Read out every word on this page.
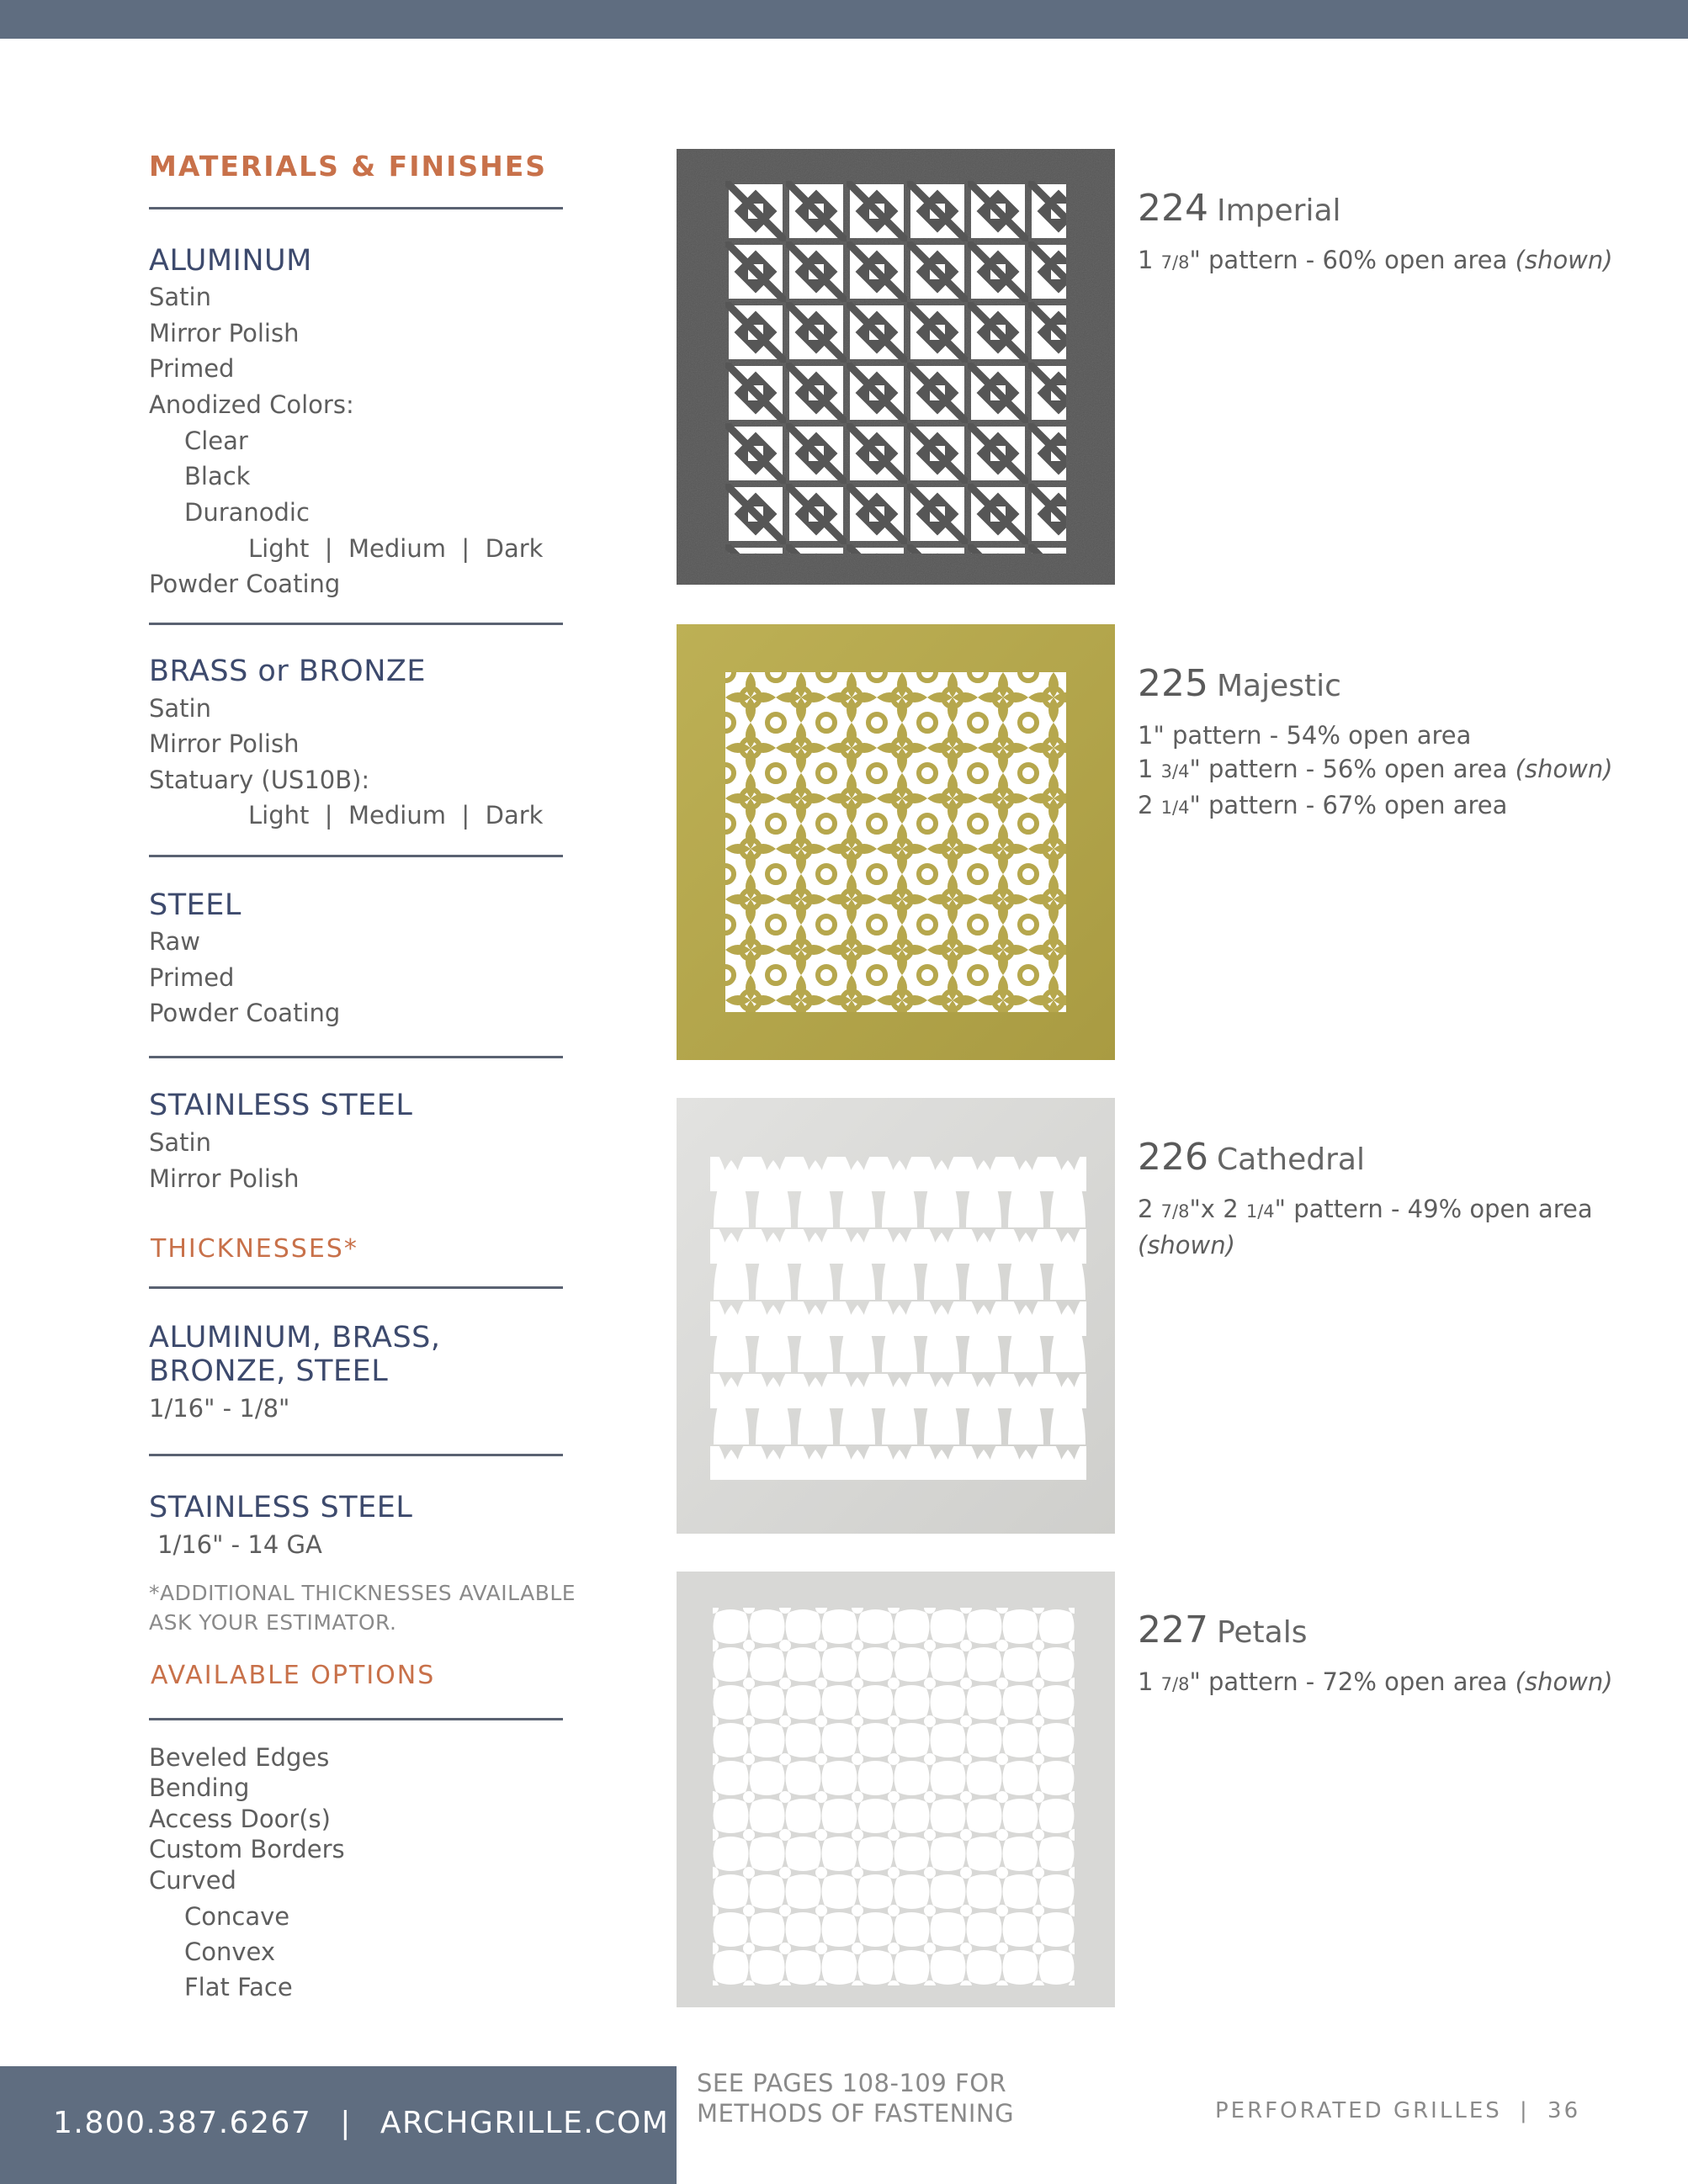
MATERIALS & FINISHES
ALUMINUM
Satin
Mirror Polish
Primed
Anodized Colors:
Clear
Black
Duranodic
Light  |  Medium  |  Dark
Powder Coating
BRASS or BRONZE
Satin
Mirror Polish
Statuary (US10B):
Light  |  Medium  |  Dark
STEEL
Raw
Primed
Powder Coating
STAINLESS STEEL
Satin
Mirror Polish
THICKNESSES*
ALUMINUM, BRASS,
BRONZE, STEEL
1/16" - 1/8"
STAINLESS STEEL
1/16" - 14 GA
*ADDITIONAL THICKNESSES AVAILABLE
ASK YOUR ESTIMATOR.
AVAILABLE OPTIONS
Beveled Edges
Bending
Access Door(s)
Custom Borders
Curved
Concave
Convex
Flat Face
224 Imperial
1 7/8" pattern - 60% open area (shown)
225 Majestic
1" pattern - 54% open area
1 3/4" pattern - 56% open area (shown)
2 1/4" pattern - 67% open area
226 Cathedral
2 7/8"x 2 1/4" pattern - 49% open area
(shown)
227 Petals
1 7/8" pattern - 72% open area (shown)
1.800.387.6267 | ARCHGRILLE.COM
SEE PAGES 108-109 FOR
METHODS OF FASTENING	PERFORATED GRILLES | 36
